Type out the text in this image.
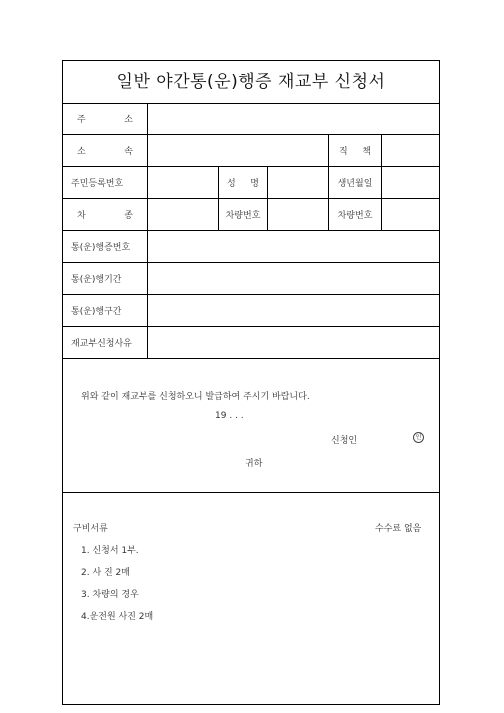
일반 야간통(운)행증 재교부 신청서
주	소
소	속	직 책
주민등록번호	성 명	생년월일
차	종	차량번호	차량번호
통(운)행증번호
통(운)행기간
통(운)행구간
재교부신청사유
위와 같이 재교부를 신청하오니 발급하여 주시기 바랍니다.
19 . . .
신청인	인
귀하
구비서류	수수료 없음
1. 신청서 1부.
2. 사 진 2매
3. 차량의 경우
4.운전원 사진 2매
